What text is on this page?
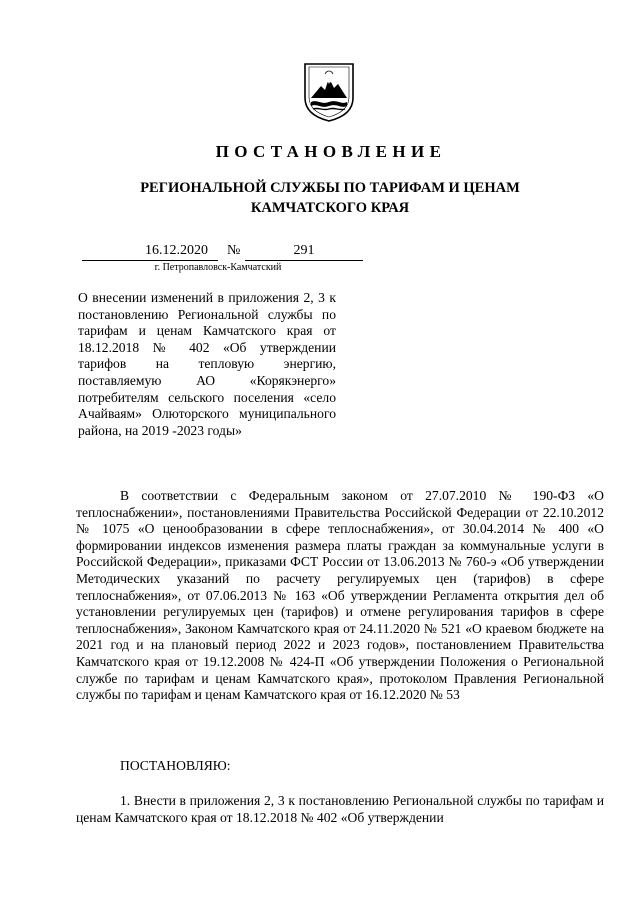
ПОСТАНОВЛЕНИЕ
РЕГИОНАЛЬНОЙ СЛУЖБЫ ПО ТАРИФАМ И ЦЕНАМ
КАМЧАТСКОГО КРАЯ
16.12.2020	№	291
г. Петропавловск-Камчатский
О внесении изменений в приложения 2, 3 к постановлению Региональной службы по тарифам и ценам Камчатского края от 18.12.2018 № 402 «Об утверждении тарифов на тепловую энергию, поставляемую АО «Корякэнерго» потребителям сельского поселения «село Ачайваям» Олюторского муниципального района, на 2019 -2023 годы»

В соответствии с Федеральным законом от 27.07.2010 № 190-ФЗ «О теплоснабжении», постановлениями Правительства Российской Федерации от 22.10.2012 № 1075 «О ценообразовании в сфере теплоснабжения», от 30.04.2014 № 400 «О формировании индексов изменения размера платы граждан за коммунальные услуги в Российской Федерации», приказами ФСТ России от 13.06.2013 № 760-э «Об утверждении Методических указаний по расчету регулируемых цен (тарифов) в сфере теплоснабжения», от 07.06.2013 № 163 «Об утверждении Регламента открытия дел об установлении регулируемых цен (тарифов) и отмене регулирования тарифов в сфере теплоснабжения», Законом Камчатского края от 24.11.2020 № 521 «О краевом бюджете на 2021 год и на плановый период 2022 и 2023 годов», постановлением Правительства Камчатского края от 19.12.2008 № 424-П «Об утверждении Положения о Региональной службе по тарифам и ценам Камчатского края», протоколом Правления Региональной службы по тарифам и ценам Камчатского края от 16.12.2020 № 53

ПОСТАНОВЛЯЮ:

1. Внести в приложения 2, 3 к постановлению Региональной службы по тарифам и ценам Камчатского края от 18.12.2018 № 402 «Об утверждении
